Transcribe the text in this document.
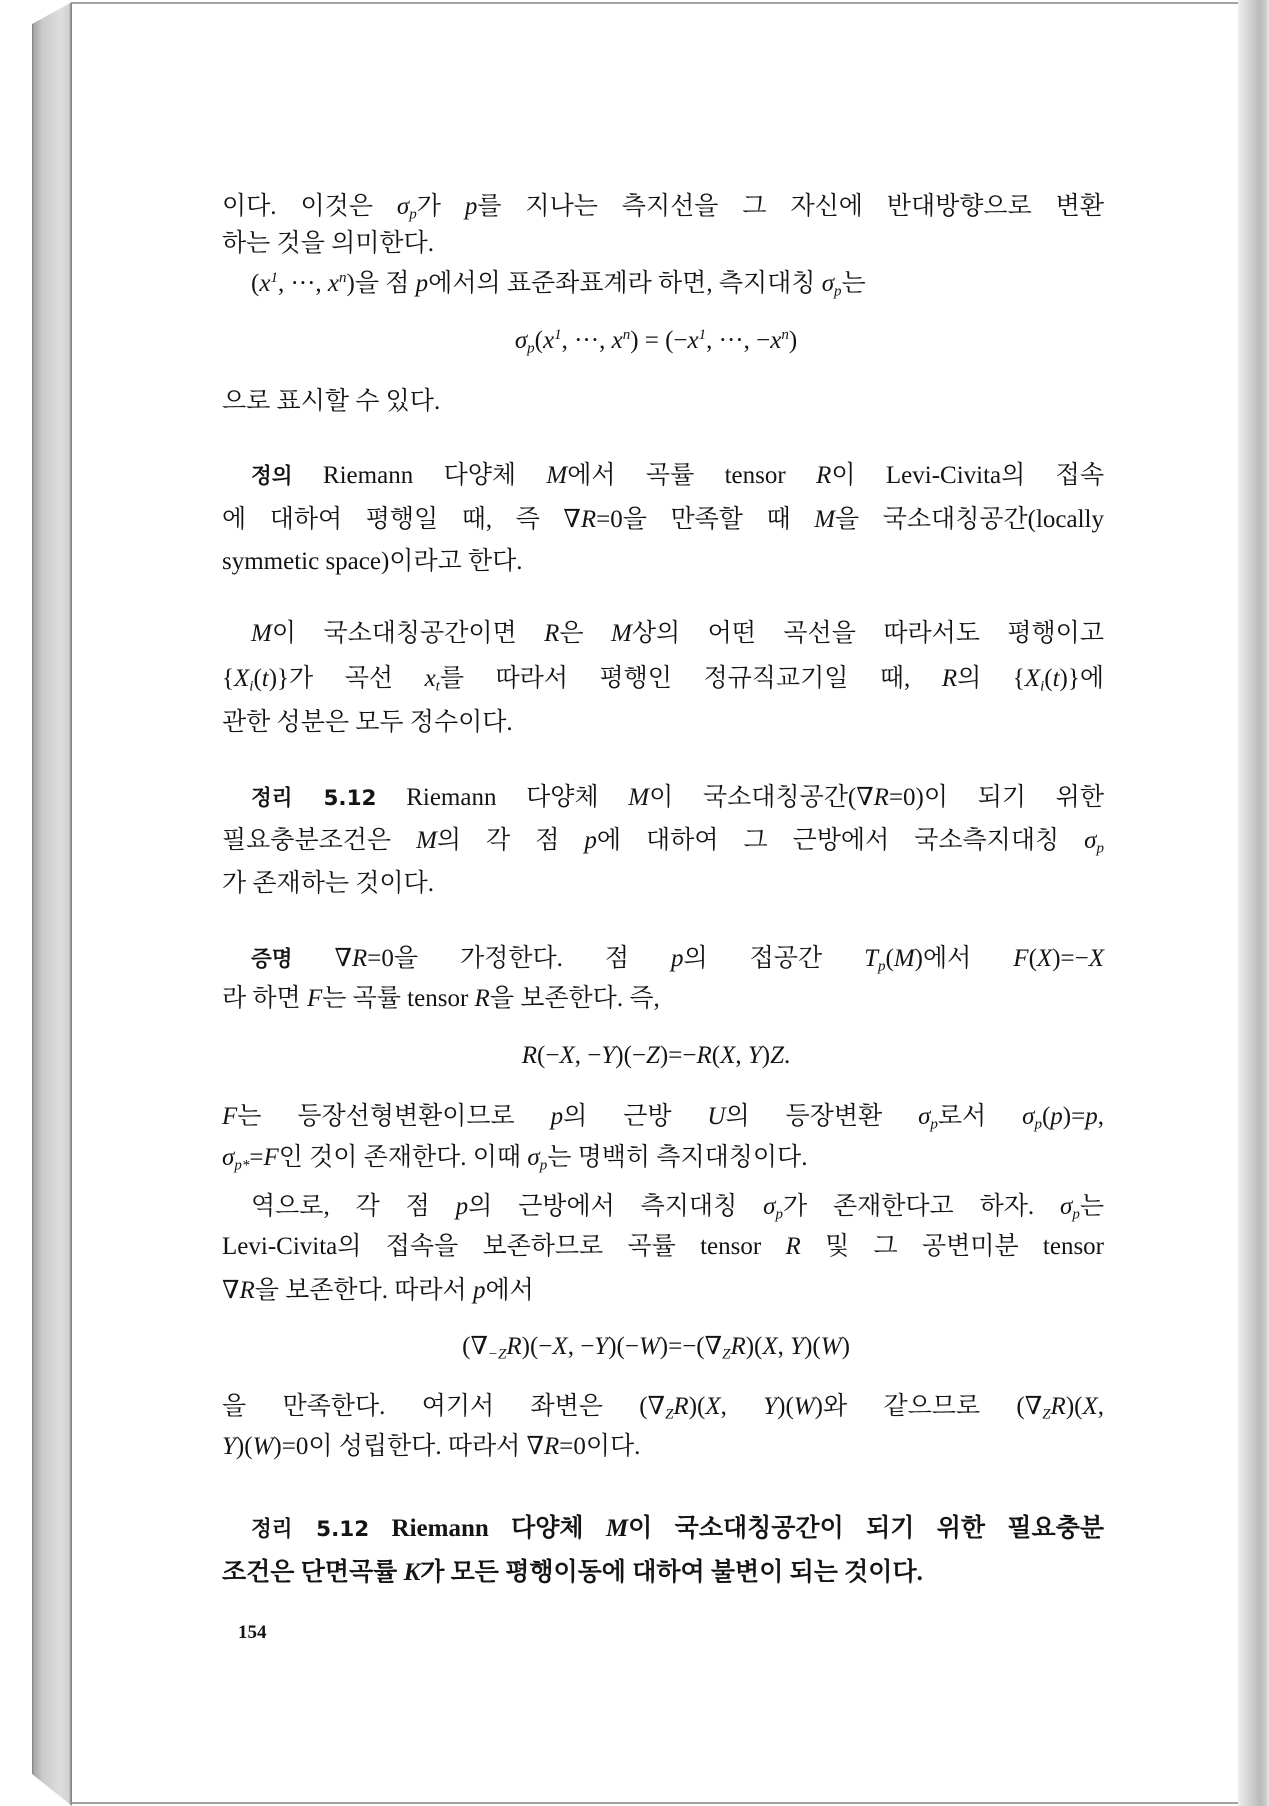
이다. 이것은 σp가 p를 지나는 측지선을 그 자신에 반대방향으로 변환
하는 것을 의미한다.
($x^1$, ···, $x^n$)을 점 p에서의 표준좌표계라 하면, 측지대칭 σp는
$\sigma p(x^1$, ···, $x^n) = (-x^1$, ···, $-x^n$)
으로 표시할 수 있다.
정의 Riemann 다양체 M에서 곡률 tensor R이 Levi-Civita의 접속
에 대하여 평행일 때, 즉 ∇R=0을 만족할 때 M을 국소대칭공간(locally
symmetic space)이라고 한다.
M이 국소대칭공간이면 R은 M상의 어떤 곡선을 따라서도 평행이고
{Xi(t)}가 곡선 xt를 따라서 평행인 정규직교기일 때, R의 {Xi(t)}에
관한 성분은 모두 정수이다.
정리 5.12 Riemann 다양체 M이 국소대칭공간(∇R=0)이 되기 위한
필요충분조건은 M의 각 점 p에 대하여 그 근방에서 국소측지대칭 σp
가 존재하는 것이다.
증명 ∇R=0을 가정한다. 점 p의 접공간 Tp(M)에서 F(X)=−X
라 하면 F는 곡률 tensor R을 보존한다. 즉,
R(−X, −Y)(−Z)=−R(X, Y)Z.
F는 등장선형변환이므로 p의 근방 U의 등장변환 σp로서 σp(p)=p,
σp*=F인 것이 존재한다. 이때 σp는 명백히 측지대칭이다.
역으로, 각 점 p의 근방에서 측지대칭 σp가 존재한다고 하자. σp는
Levi-Civita의 접속을 보존하므로 곡률 tensor R 및 그 공변미분 tensor
∇R을 보존한다. 따라서 p에서
(∇−ZR)(−X, −Y)(−W)=−(∇ZR)(X, Y)(W)
을 만족한다. 여기서 좌변은 (∇ZR)(X, Y)(W)와 같으므로 (∇ZR)(X,
Y)(W)=0이 성립한다. 따라서 ∇R=0이다.
정리 5.12 Riemann 다양체 M이 국소대칭공간이 되기 위한 필요충분
조건은 단면곡률 K가 모든 평행이동에 대하여 불변이 되는 것이다.
154
